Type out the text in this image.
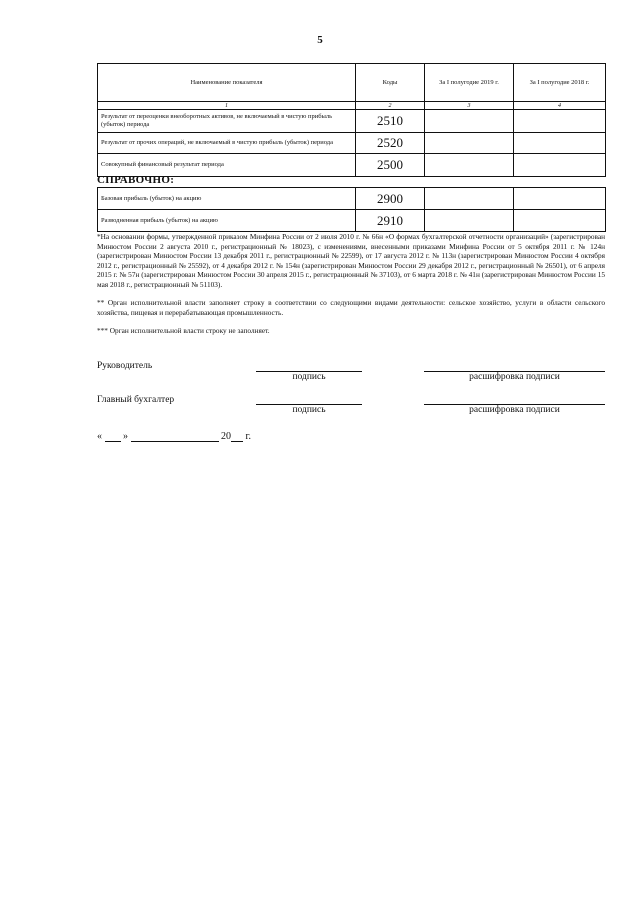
5
Наименование показателя	Коды	За I полугодие 2019 г.	За I полугодие 2018 г.
1	2	3	4
Результат от переоценки внеоборотных активов, не включаемый в чистую прибыль (убыток) периода	2510		
Результат от прочих операций, не включаемый в чистую прибыль (убыток) периода	2520		
Совокупный финансовый результат периода	2500		
СПРАВОЧНО:
Базовая прибыль (убыток) на акцию	2900		
Разводненная прибыль (убыток) на акцию	2910		
*На основании формы, утвержденной приказом Минфина России от 2 июля 2010 г. № 66н «О формах бухгалтерской отчетности организаций» (зарегистрирован Минюстом России 2 августа 2010 г., регистрационный № 18023), с изменениями, внесенными приказами Минфина России от 5 октября 2011 г. № 124н (зарегистрирован Минюстом России 13 декабря 2011 г., регистрационный № 22599), от 17 августа 2012 г. № 113н (зарегистрирован Минюстом России 4 октября 2012 г., регистрационный № 25592), от 4 декабря 2012 г. № 154н (зарегистрирован Минюстом России 29 декабря 2012 г., регистрационный № 26501), от 6 апреля 2015 г. № 57н (зарегистрирован Минюстом России 30 апреля 2015 г., регистрационный № 37103), от 6 марта 2018 г. № 41н (зарегистрирован Минюстом России 15 мая 2018 г., регистрационный № 51103).
** Орган исполнительной власти заполняет строку в соответствии со следующими видами деятельности: сельское хозяйство, услуги в области сельского хозяйства, пищевая и перерабатывающая промышленность.
*** Орган исполнительной власти строку не заполняет.
Руководитель
подпись	расшифровка подписи
Главный бухгалтер
подпись	расшифровка подписи
« »	20 г.
